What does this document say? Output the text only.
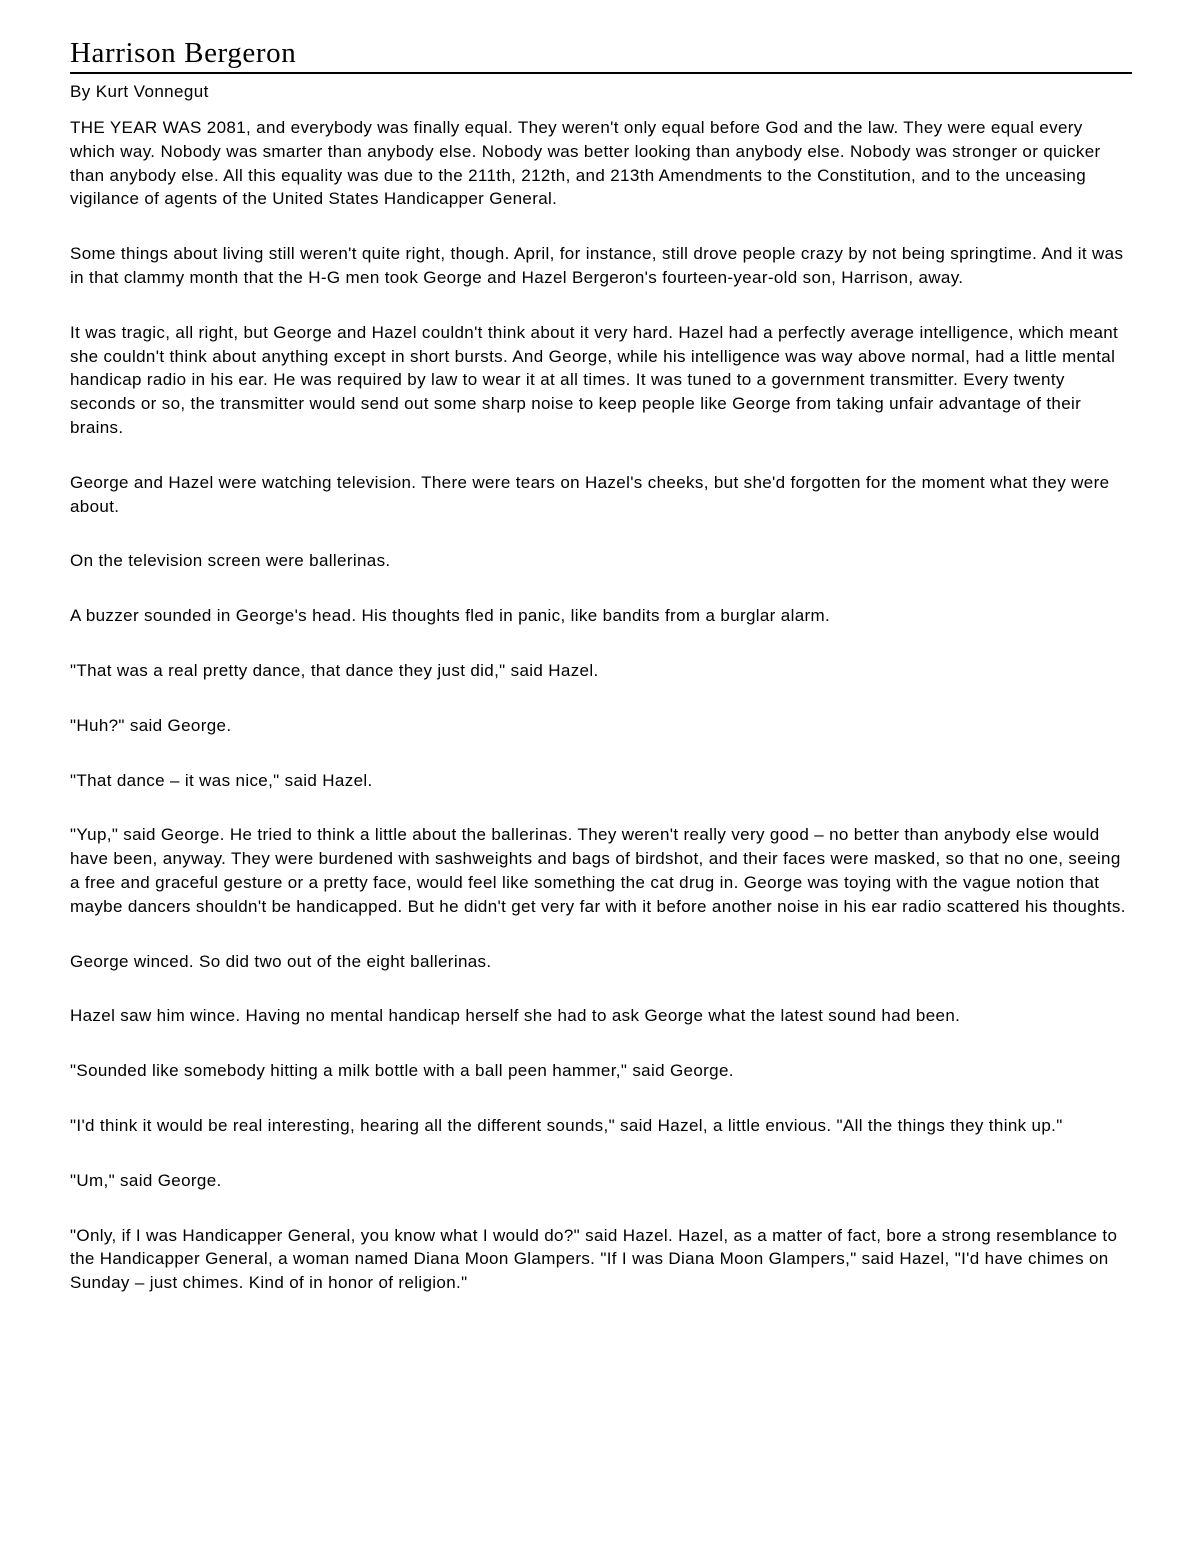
Harrison Bergeron

By Kurt Vonnegut

THE YEAR WAS 2081, and everybody was finally equal. They weren't only equal before God and the law. They were equal every which way. Nobody was smarter than anybody else. Nobody was better looking than anybody else. Nobody was stronger or quicker than anybody else. All this equality was due to the 211th, 212th, and 213th Amendments to the Constitution, and to the unceasing vigilance of agents of the United States Handicapper General.

Some things about living still weren't quite right, though. April, for instance, still drove people crazy by not being springtime. And it was in that clammy month that the H-G men took George and Hazel Bergeron's fourteen-year-old son, Harrison, away.

It was tragic, all right, but George and Hazel couldn't think about it very hard. Hazel had a perfectly average intelligence, which meant she couldn't think about anything except in short bursts. And George, while his intelligence was way above normal, had a little mental handicap radio in his ear. He was required by law to wear it at all times. It was tuned to a government transmitter. Every twenty seconds or so, the transmitter would send out some sharp noise to keep people like George from taking unfair advantage of their brains.

George and Hazel were watching television. There were tears on Hazel's cheeks, but she'd forgotten for the moment what they were about.

On the television screen were ballerinas.

A buzzer sounded in George's head. His thoughts fled in panic, like bandits from a burglar alarm.

"That was a real pretty dance, that dance they just did," said Hazel.

"Huh?" said George.

"That dance – it was nice," said Hazel.

"Yup," said George. He tried to think a little about the ballerinas. They weren't really very good – no better than anybody else would have been, anyway. They were burdened with sashweights and bags of birdshot, and their faces were masked, so that no one, seeing a free and graceful gesture or a pretty face, would feel like something the cat drug in. George was toying with the vague notion that maybe dancers shouldn't be handicapped. But he didn't get very far with it before another noise in his ear radio scattered his thoughts.

George winced. So did two out of the eight ballerinas.

Hazel saw him wince. Having no mental handicap herself she had to ask George what the latest sound had been.

"Sounded like somebody hitting a milk bottle with a ball peen hammer," said George.

"I'd think it would be real interesting, hearing all the different sounds," said Hazel, a little envious. "All the things they think up."

"Um," said George.

"Only, if I was Handicapper General, you know what I would do?" said Hazel. Hazel, as a matter of fact, bore a strong resemblance to the Handicapper General, a woman named Diana Moon Glampers. "If I was Diana Moon Glampers," said Hazel, "I'd have chimes on Sunday – just chimes. Kind of in honor of religion."
